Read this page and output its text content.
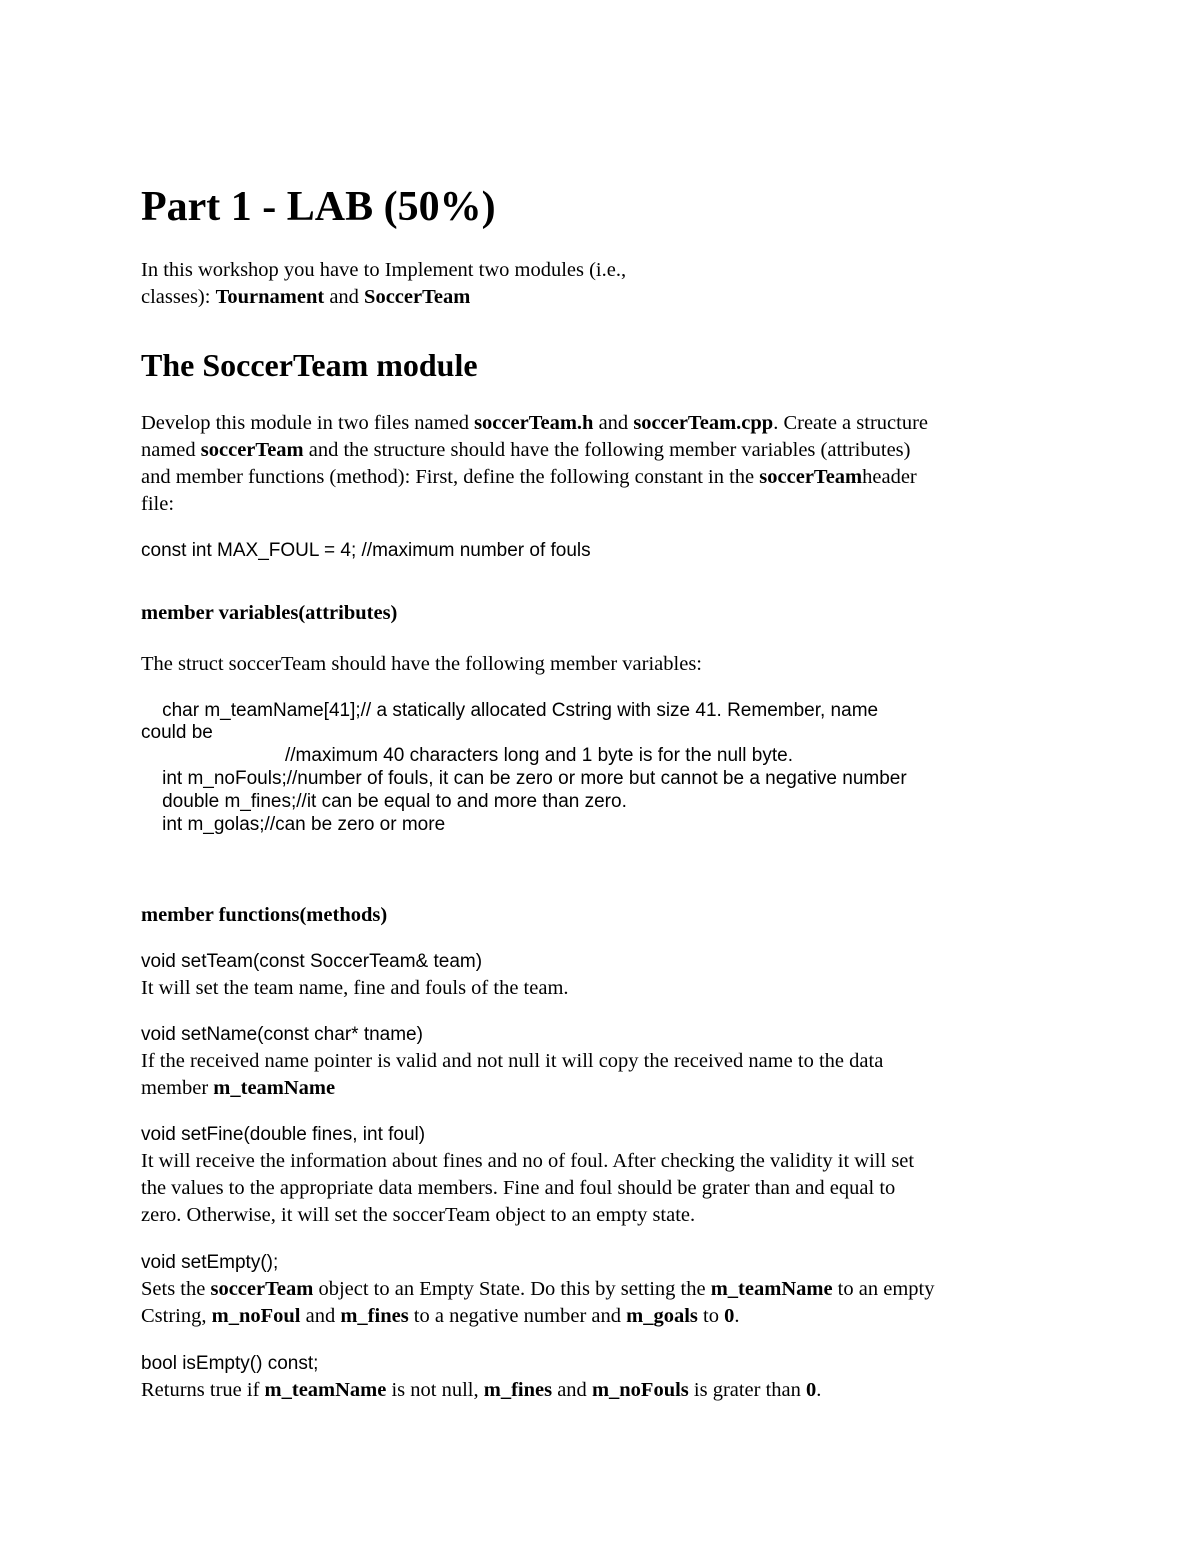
Part 1 - LAB (50%)
In this workshop you have to Implement two modules (i.e.,
classes): Tournament and SoccerTeam
The SoccerTeam module
Develop this module in two files named soccerTeam.h and soccerTeam.cpp. Create a structure
named soccerTeam and the structure should have the following member variables (attributes)
and member functions (method): First, define the following constant in the soccerTeamheader
file:
const int MAX_FOUL = 4; //maximum number of fouls
member variables(attributes)
The struct soccerTeam should have the following member variables:
char m_teamName[41];// a statically allocated Cstring with size 41. Remember, name
could be
//maximum 40 characters long and 1 byte is for the null byte.
int m_noFouls;//number of fouls, it can be zero or more but cannot be a negative number
double m_fines;//it can be equal to and more than zero.
int m_golas;//can be zero or more
member functions(methods)
void setTeam(const SoccerTeam& team)
It will set the team name, fine and fouls of the team.
void setName(const char* tname)
If the received name pointer is valid and not null it will copy the received name to the data
member m_teamName
void setFine(double fines, int foul)
It will receive the information about fines and no of foul. After checking the validity it will set
the values to the appropriate data members. Fine and foul should be grater than and equal to
zero. Otherwise, it will set the soccerTeam object to an empty state.
void setEmpty();
Sets the soccerTeam object to an Empty State. Do this by setting the m_teamName to an empty
Cstring, m_noFoul and m_fines to a negative number and m_goals to 0.
bool isEmpty() const;
Returns true if m_teamName is not null, m_fines and m_noFouls is grater than 0.
